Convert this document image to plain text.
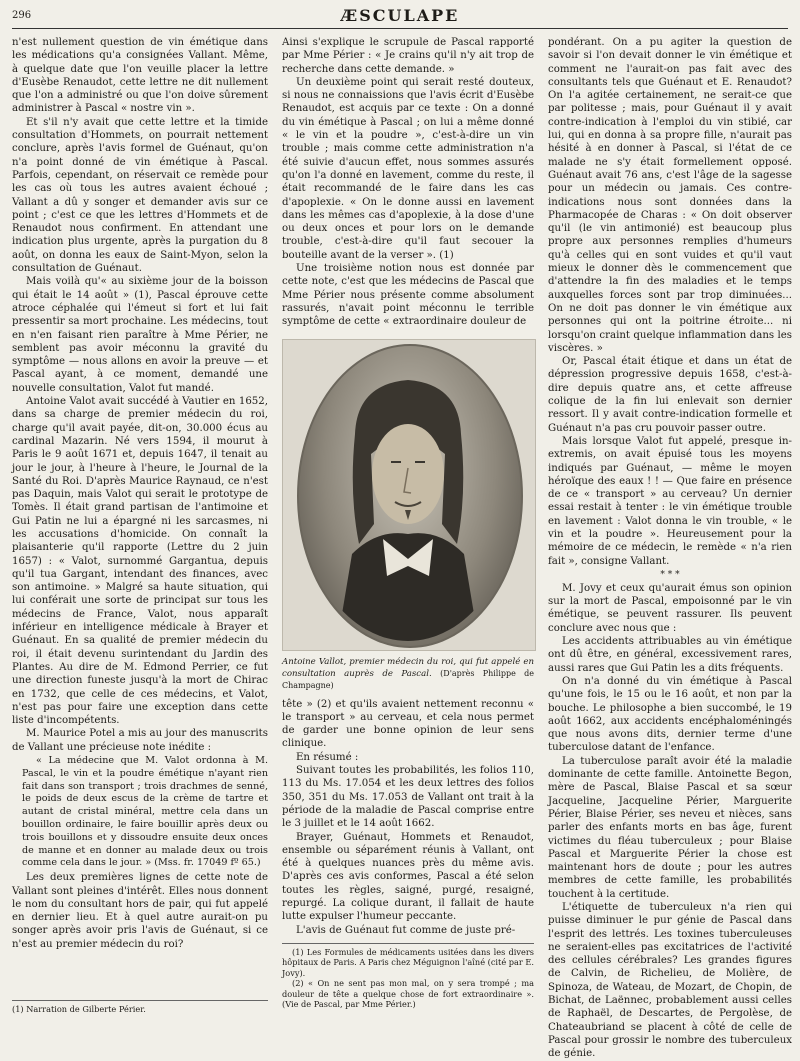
296	ÆSCULAPE

n'est nullement question de vin émétique dans les médications qu'a consignées Vallant. Même, à quelque date que l'on veuille placer la lettre d'Eusèbe Renaudot, cette lettre ne dit nullement que l'on a administré ou que l'on doive sûrement administrer à Pascal « nostre vin ».

Et s'il n'y avait que cette lettre et la timide consultation d'Hommets, on pourrait nettement conclure, après l'avis formel de Guénaut, qu'on n'a point donné de vin émétique à Pascal. Parfois, cependant, on réservait ce remède pour les cas où tous les autres avaient échoué ; Vallant a dû y songer et demander avis sur ce point ; c'est ce que les lettres d'Hommets et de Renaudot nous confirment. En attendant une indication plus urgente, après la purgation du 8 août, on donna les eaux de Saint-Myon, selon la consultation de Guénaut.

Mais voilà qu'« au sixième jour de la boisson qui était le 14 août » (1), Pascal éprouve cette atroce céphalée qui l'émeut si fort et lui fait pressentir sa mort prochaine. Les médecins, tout en n'en faisant rien paraître à Mme Périer, ne semblent pas avoir méconnu la gravité du symptôme — nous allons en avoir la preuve — et Pascal ayant, à ce moment, demandé une nouvelle consultation, Valot fut mandé.

Antoine Valot avait succédé à Vautier en 1652, dans sa charge de premier médecin du roi, charge qu'il avait payée, dit-on, 30.000 écus au cardinal Mazarin. Né vers 1594, il mourut à Paris le 9 août 1671 et, depuis 1647, il tenait au jour le jour, à l'heure à l'heure, le Journal de la Santé du Roi. D'après Maurice Raynaud, ce n'est pas Daquin, mais Valot qui serait le prototype de Tomès. Il était grand partisan de l'antimoine et Gui Patin ne lui a épargné ni les sarcasmes, ni les accusations d'homicide. On connaît la plaisanterie qu'il rapporte (Lettre du 2 juin 1657) : « Valot, surnommé Gargantua, depuis qu'il tua Gargant, intendant des finances, avec son antimoine. » Malgré sa haute situation, qui lui conférait une sorte de principat sur tous les médecins de France, Valot, nous apparaît inférieur en intelligence médicale à Brayer et Guénaut. En sa qualité de premier médecin du roi, il était devenu surintendant du Jardin des Plantes. Au dire de M. Edmond Perrier, ce fut une direction funeste jusqu'à la mort de Chirac en 1732, que celle de ces médecins, et Valot, n'est pas pour faire une exception dans cette liste d'incompétents.

M. Maurice Potel a mis au jour des manuscrits de Vallant une précieuse note inédite :

« La médecine que M. Valot ordonna à M. Pascal, le vin et la poudre émétique n'ayant rien fait dans son transport ; trois drachmes de senné, le poids de deux escus de la crème de tartre et autant de cristal minéral, mettre cela dans un bouillon ordinaire, le faire bouillir après deux ou trois bouillons et y dissoudre ensuite deux onces de manne et en donner au malade deux ou trois comme cela dans le jour. » (Mss. fr. 17049 fº 65.)

Les deux premières lignes de cette note de Vallant sont pleines d'intérêt. Elles nous donnent le nom du consultant hors de pair, qui fut appelé en dernier lieu. Et à quel autre aurait-on pu songer après avoir pris l'avis de Guénaut, si ce n'est au premier médecin du roi?

(1) Narration de Gilberte Périer.

Ainsi s'explique le scrupule de Pascal rapporté par Mme Périer : « Je crains qu'il n'y ait trop de recherche dans cette demande. »

Un deuxième point qui serait resté douteux, si nous ne connaissions que l'avis écrit d'Eusèbe Renaudot, est acquis par ce texte : On a donné du vin émétique à Pascal ; on lui a même donné « le vin et la poudre », c'est-à-dire un vin trouble ; mais comme cette administration n'a été suivie d'aucun effet, nous sommes assurés qu'on l'a donné en lavement, comme du reste, il était recommandé de le faire dans les cas d'apoplexie. « On le donne aussi en lavement dans les mêmes cas d'apoplexie, à la dose d'une ou deux onces et pour lors on le demande trouble, c'est-à-dire qu'il faut secouer la bouteille avant de la verser ». (1)

Une troisième notion nous est donnée par cette note, c'est que les médecins de Pascal que Mme Périer nous présente comme absolument rassurés, n'avait point méconnu le terrible symptôme de cette « extraordinaire douleur de

Antoine Vallot, premier médecin du roi, qui fut appelé en consultation auprès de Pascal. (D'après Philippe de Champagne)

tête » (2) et qu'ils avaient nettement reconnu « le transport » au cerveau, et cela nous permet de garder une bonne opinion de leur sens clinique.

En résumé :

Suivant toutes les probabilités, les folios 110, 113 du Ms. 17.054 et les deux lettres des folios 350, 351 du Ms. 17.053 de Vallant ont trait à la période de la maladie de Pascal comprise entre le 3 juillet et le 14 août 1662.

Brayer, Guénaut, Hommets et Renaudot, ensemble ou séparément réunis à Vallant, ont été à quelques nuances près du même avis. D'après ces avis conformes, Pascal a été selon toutes les règles, saigné, purgé, resaigné, repurgé. La colique durant, il fallait de haute lutte expulser l'humeur peccante.

L'avis de Guénaut fut comme de juste pré-

(1) Les Formules de médicaments usitées dans les divers hôpitaux de Paris. A Paris chez Méguignon l'aîné (cité par E. Jovy).

(2) « On ne sent pas mon mal, on y sera trompé ; ma douleur de tête a quelque chose de fort extraordinaire ». (Vie de Pascal, par Mme Périer.)

pondérant. On a pu agiter la question de savoir si l'on devait donner le vin émétique et comment ne l'aurait-on pas fait avec des consultants tels que Guénaut et E. Renaudot? On l'a agitée certainement, ne serait-ce que par politesse ; mais, pour Guénaut il y avait contre-indication à l'emploi du vin stibié, car lui, qui en donna à sa propre fille, n'aurait pas hésité à en donner à Pascal, si l'état de ce malade ne s'y était formellement opposé. Guénaut avait 76 ans, c'est l'âge de la sagesse pour un médecin ou jamais. Ces contre-indications nous sont données dans la Pharmacopée de Charas : « On doit observer qu'il (le vin antimonié) est beaucoup plus propre aux personnes remplies d'humeurs qu'à celles qui en sont vuides et qu'il vaut mieux le donner dès le commencement que d'attendre la fin des maladies et le temps auxquelles forces sont par trop diminuées... On ne doit pas donner le vin émétique aux personnes qui ont la poitrine étroite... ni lorsqu'on craint quelque inflammation dans les viscères. »

Or, Pascal était étique et dans un état de dépression progressive depuis 1658, c'est-à-dire depuis quatre ans, et cette affreuse colique de la fin lui enlevait son dernier ressort. Il y avait contre-indication formelle et Guénaut n'a pas cru pouvoir passer outre.

Mais lorsque Valot fut appelé, presque in-extremis, on avait épuisé tous les moyens indiqués par Guénaut, — même le moyen héroïque des eaux ! ! — Que faire en présence de ce « transport » au cerveau? Un dernier essai restait à tenter : le vin émétique trouble en lavement : Valot donna le vin trouble, « le vin et la poudre ». Heureusement pour la mémoire de ce médecin, le remède « n'a rien fait », consigne Vallant.

* * *

M. Jovy et ceux qu'aurait émus son opinion sur la mort de Pascal, empoisonné par le vin émétique, se peuvent rassurer. Ils peuvent conclure avec nous que :

Les accidents attribuables au vin émétique ont dû être, en général, excessivement rares, aussi rares que Gui Patin les a dits fréquents.

On n'a donné du vin émétique à Pascal qu'une fois, le 15 ou le 16 août, et non par la bouche. Le philosophe a bien succombé, le 19 août 1662, aux accidents encéphaloméningés que nous avons dits, dernier terme d'une tuberculose datant de l'enfance.

La tuberculose paraît avoir été la maladie dominante de cette famille. Antoinette Begon, mère de Pascal, Blaise Pascal et sa sœur Jacqueline, Jacqueline Périer, Marguerite Périer, Blaise Périer, ses neveu et nièces, sans parler des enfants morts en bas âge, furent victimes du fléau tuberculeux ; pour Blaise Pascal et Marguerite Périer la chose est maintenant hors de doute ; pour les autres membres de cette famille, les probabilités touchent à la certitude.

L'étiquette de tuberculeux n'a rien qui puisse diminuer le pur génie de Pascal dans l'esprit des lettrés. Les toxines tuberculeuses ne seraient-elles pas excitatrices de l'activité des cellules cérébrales? Les grandes figures de Calvin, de Richelieu, de Molière, de Spinoza, de Wateau, de Mozart, de Chopin, de Bichat, de Laënnec, probablement aussi celles de Raphaël, de Descartes, de Pergolèse, de Chateaubriand se placent à côté de celle de Pascal pour grossir le nombre des tuberculeux de génie.
